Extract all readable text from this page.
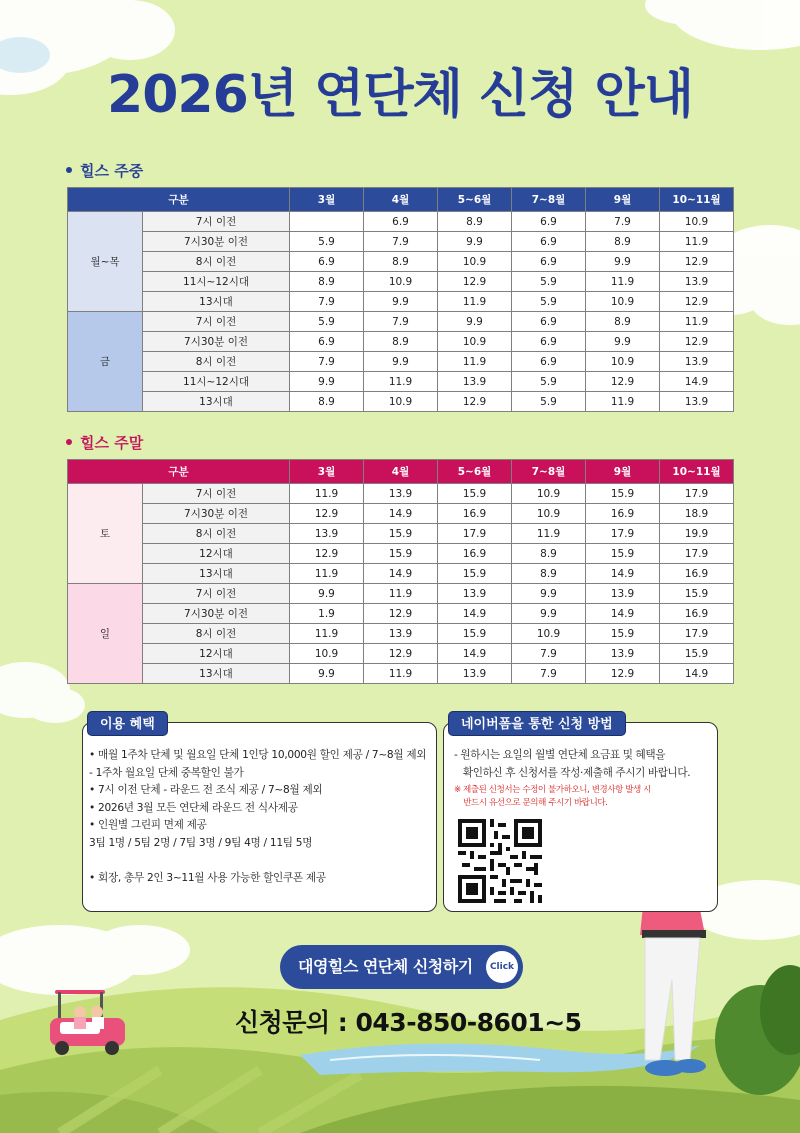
2026년 연단체 신청 안내
힐스 주중
구분		3월	4월	5~6월	7~8월	9월	10~11월
월~목	7시 이전		6.9	8.9	6.9	7.9	10.9
	7시30분 이전	5.9	7.9	9.9	6.9	8.9	11.9
	8시 이전	6.9	8.9	10.9	6.9	9.9	12.9
	11시~12시대	8.9	10.9	12.9	5.9	11.9	13.9
	13시대	7.9	9.9	11.9	5.9	10.9	12.9
금	7시 이전	5.9	7.9	9.9	6.9	8.9	11.9
	7시30분 이전	6.9	8.9	10.9	6.9	9.9	12.9
	8시 이전	7.9	9.9	11.9	6.9	10.9	13.9
	11시~12시대	9.9	11.9	13.9	5.9	12.9	14.9
	13시대	8.9	10.9	12.9	5.9	11.9	13.9
힐스 주말
구분		3월	4월	5~6월	7~8월	9월	10~11월
토	7시 이전	11.9	13.9	15.9	10.9	15.9	17.9
	7시30분 이전	12.9	14.9	16.9	10.9	16.9	18.9
	8시 이전	13.9	15.9	17.9	11.9	17.9	19.9
	12시대	12.9	15.9	16.9	8.9	15.9	17.9
	13시대	11.9	14.9	15.9	8.9	14.9	16.9
일	7시 이전	9.9	11.9	13.9	9.9	13.9	15.9
	7시30분 이전	1.9	12.9	14.9	9.9	14.9	16.9
	8시 이전	11.9	13.9	15.9	10.9	15.9	17.9
	12시대	10.9	12.9	14.9	7.9	13.9	15.9
	13시대	9.9	11.9	13.9	7.9	12.9	14.9
이용 혜택
• 매월 1주차 단체 및 월요일 단체 1인당 10,000원 할인 제공 / 7~8월 제외
- 1주차 월요일 단체 중복할인 불가
• 7시 이전 단체 - 라운드 전 조식 제공 / 7~8월 제외
• 2026년 3월 모든 연단체 라운드 전 식사제공
• 인원별 그린피 면제 제공
3팀 1명 / 5팀 2명 / 7팀 3명 / 9팀 4명 / 11팀 5명

• 회장, 총무 2인 3~11월 사용 가능한 할인쿠폰 제공
네이버폼을 통한 신청 방법
- 원하시는 요일의 월별 연단체 요금표 및 혜택을
확인하신 후 신청서를 작성·제출해 주시기 바랍니다.
※ 제출된 신청서는 수정이 불가하오니, 변경사항 발생 시
반드시 유선으로 문의해 주시기 바랍니다.
대영힐스 연단체 신청하기	Click
신청문의 : 043-850-8601~5
